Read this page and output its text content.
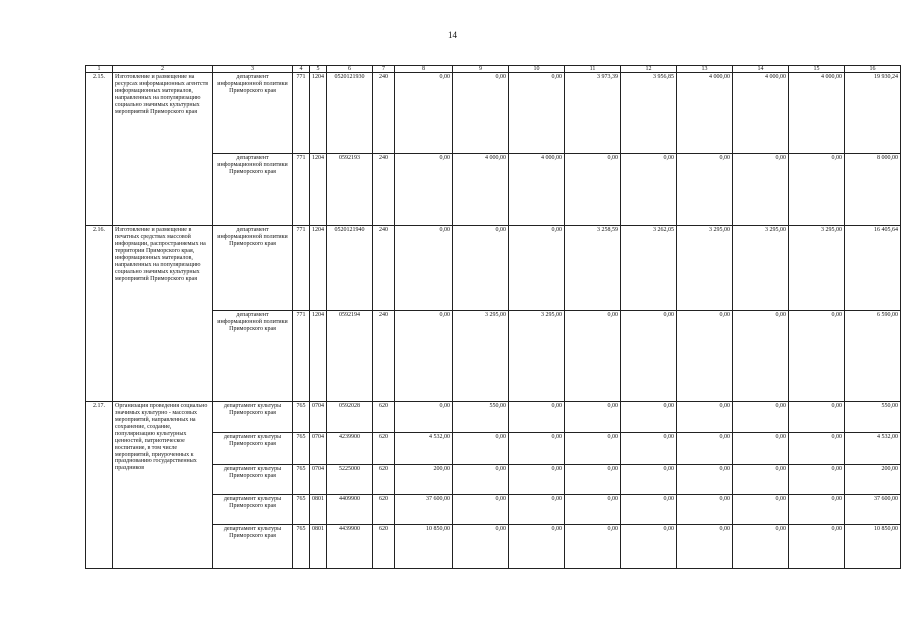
14
1	2	3	4	5	6	7	8	9	10	11	12	13	14	15	16
2.15.	Изготовление и размещение на ресурсах информационных агентств информационных материалов, направленных на популяризацию социально значимых культурных мероприятий Приморского края	департамент информационной политики Приморского края	771	1204	0520121930	240	0,00	0,00	0,00	3 973,39	3 956,85	4 000,00	4 000,00	4 000,00	19 930,24
		департамент информационной политики Приморского края	771	1204	0592193	240	0,00	4 000,00	4 000,00	0,00	0,00	0,00	0,00	0,00	8 000,00
2.16.	Изготовление и размещение в печатных средствах массовой информации, распространяемых на территории Приморского края, информационных материалов, направленных на популяризацию социально значимых культурных мероприятий Приморского края	департамент информационной политики Приморского края	771	1204	0520121940	240	0,00	0,00	0,00	3 258,59	3 262,05	3 295,00	3 295,00	3 295,00	16 405,64
		департамент информационной политики Приморского края	771	1204	0592194	240	0,00	3 295,00	3 295,00	0,00	0,00	0,00	0,00	0,00	6 590,00
2.17.	Организация проведения социально значимых культурно - массовых мероприятий, направленных на сохранение, создание, популяризацию культурных ценностей, патриотическое воспитание, в том числе мероприятий, приуроченных к празднованию государственных праздников	департамент культуры Приморского края	765	0704	0592028	620	0,00	550,00	0,00	0,00	0,00	0,00	0,00	0,00	550,00
		департамент культуры Приморского края	765	0704	4239900	620	4 532,00	0,00	0,00	0,00	0,00	0,00	0,00	0,00	4 532,00
		департамент культуры Приморского края	765	0704	5225000	620	200,00	0,00	0,00	0,00	0,00	0,00	0,00	0,00	200,00
		департамент культуры Приморского края	765	0801	4409900	620	37 600,00	0,00	0,00	0,00	0,00	0,00	0,00	0,00	37 600,00
		департамент культуры Приморского края	765	0801	4439900	620	10 850,00	0,00	0,00	0,00	0,00	0,00	0,00	0,00	10 850,00
